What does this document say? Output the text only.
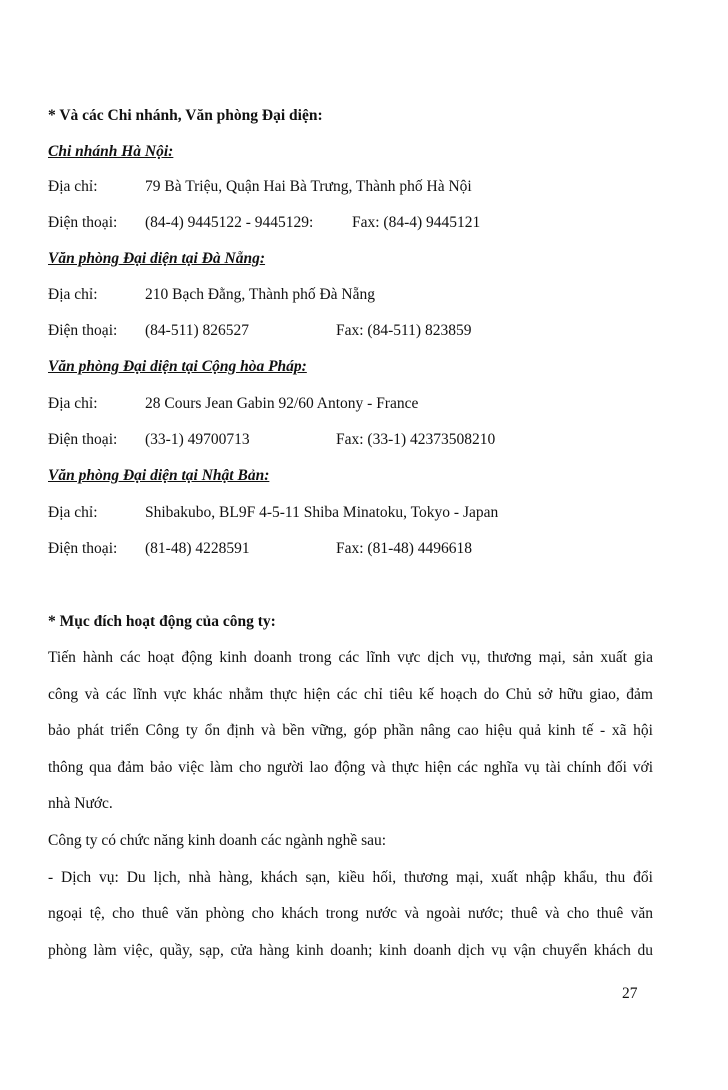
* Và các Chi nhánh, Văn phòng Đại diện:
Chi nhánh Hà Nội:
Địa chỉ:	79 Bà Triệu, Quận Hai Bà Trưng, Thành phố Hà Nội
Điện thoại: (84-4) 9445122 - 9445129: Fax: (84-4) 9445121
Văn phòng Đại diện tại Đà Nẵng:
Địa chỉ:	210 Bạch Đằng, Thành phố Đà Nẵng
Điện thoại: (84-511) 826527	Fax: (84-511) 823859
Văn phòng Đại diện tại Cộng hòa Pháp:
Địa chỉ:	28 Cours Jean Gabin 92/60 Antony - France
Điện thoại: (33-1) 49700713	Fax: (33-1) 42373508210
Văn phòng Đại diện tại Nhật Bản:
Địa chỉ:	Shibakubo, BL9F 4-5-11 Shiba Minatoku, Tokyo - Japan
Điện thoại: (81-48) 4228591	Fax: (81-48) 4496618
* Mục đích hoạt động của công ty:
Tiến hành các hoạt động kinh doanh trong các lĩnh vực dịch vụ, thương mại, sản xuất gia
công và các lĩnh vực khác nhằm thực hiện các chỉ tiêu kế hoạch do Chủ sở hữu giao, đảm
bảo phát triển Công ty ổn định và bền vững, góp phần nâng cao hiệu quả kinh tế - xã hội
thông qua đảm bảo việc làm cho người lao động và thực hiện các nghĩa vụ tài chính đối với
nhà Nước.
Công ty có chức năng kinh doanh các ngành nghề sau:
- Dịch vụ: Du lịch, nhà hàng, khách sạn, kiều hối, thương mại, xuất nhập khẩu, thu đổi
ngoại tệ, cho thuê văn phòng cho khách trong nước và ngoài nước; thuê và cho thuê văn
phòng làm việc, quầy, sạp, cửa hàng kinh doanh; kinh doanh dịch vụ vận chuyển khách du
27
